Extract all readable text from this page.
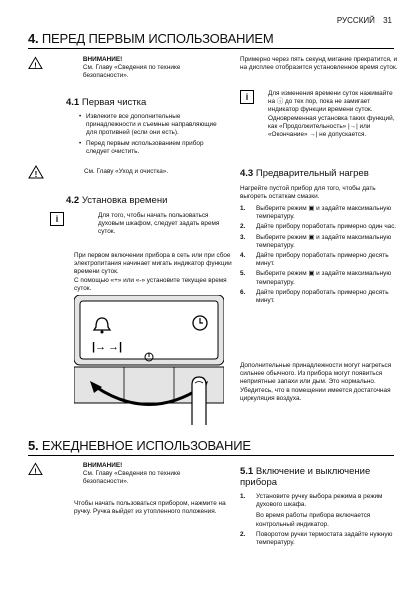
РУССКИЙ 31
4. ПЕРЕД ПЕРВЫМ ИСПОЛЬЗОВАНИЕМ
!
ВНИМАНИЕ!
См. Главу «Сведения по технике безопасности».
4.1 Первая чистка
• Извлеките все дополнительные принадлежности и съемные направляющие для противней (если они есть).
• Перед первым использованием прибор следует очистить.
!	См. Главу «Уход и очистка».
4.2 Установка времени
i	Для того, чтобы начать пользоваться духовым шкафом, следует задать время суток.
При первом включении прибора в сеть или при сбое электропитания начинает мигать индикатор функции времени суток.
С помощью «+» или «-» установите текущее время суток.
|→ →|
Примерно через пять секунд мигание прекратится, и на дисплее отобразится установленное время суток.
i	Для изменения времени суток нажимайте на ⓘ до тех пор, пока не замигает индикатор функции времени суток. Одновременная установка таких функций, как «Продолжительность» |→| или «Окончание» →| не допускается.
4.3 Предварительный нагрев
Нагрейте пустой прибор для того, чтобы дать выгореть остаткам смазки.
1.	Выберите режим ▣ и задайте максимальную температуру.
2.	Дайте прибору поработать примерно один час.
3.	Выберите режим ▣ и задайте максимальную температуру.
4.	Дайте прибору поработать примерно десять минут.
5.	Выберите режим ▣ и задайте максимальную температуру.
6.	Дайте прибору поработать примерно десять минут.
Дополнительные принадлежности могут нагреться сильнее обычного. Из прибора могут появиться неприятные запахи или дым. Это нормально. Убедитесь, что в помещении имеется достаточная циркуляция воздуха.
5. ЕЖЕДНЕВНОЕ ИСПОЛЬЗОВАНИЕ
!
ВНИМАНИЕ!
См. Главу «Сведения по технике безопасности».
Чтобы начать пользоваться прибором, нажмите на ручку. Ручка выйдет из утопленного положения.
5.1 Включение и выключение прибора
1.	Установите ручку выбора режима в режим духового шкафа.

Во время работы прибора включается контрольный индикатор.
2.	Поворотом ручки термостата задайте нужную температуру.
